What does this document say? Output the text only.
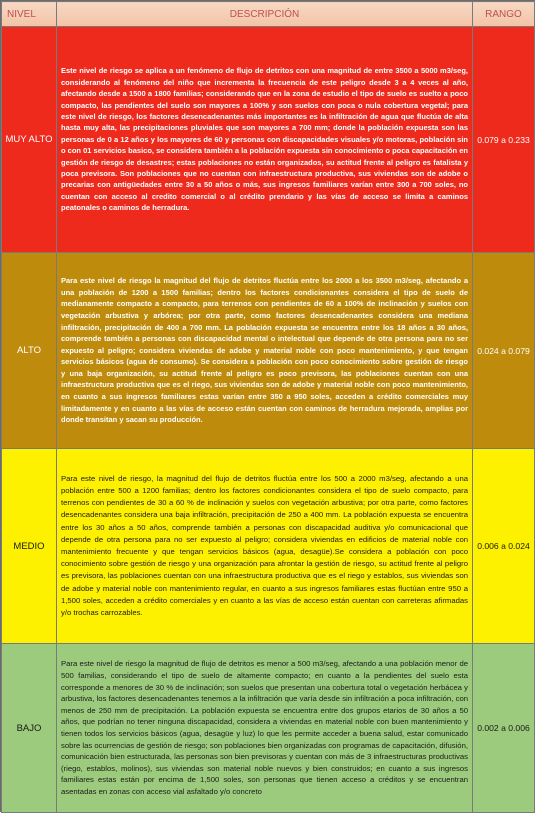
NIVEL	DESCRIPCIÓN	RANGO
MUY ALTO	Este nivel de riesgo se aplica a un fenómeno de flujo de detritos con una magnitud de entre 3500 a 5000 m3/seg, considerando al fenómeno del niño que incrementa la frecuencia de este peligro desde 3 a 4 veces al año, afectando desde a 1500 a 1800 familias; considerando que en la zona de estudio el tipo de suelo es suelto a poco compacto, las pendientes del suelo son mayores a 100% y son suelos con poca o nula cobertura vegetal; para este nivel de riesgo, los factores desencadenantes más importantes es la infiltración de agua que fluctúa de alta hasta muy alta, las precipitaciones pluviales que son mayores a 700 mm; donde la población expuesta son las personas de 0 a 12 años y los mayores de 60 y personas con discapacidades visuales y/o motoras, población sin o con 01 servicios basico, se considera también a la población expuesta sin conocimiento o poca capacitación en gestión de riesgo de desastres; estas poblaciones no están organizados, su actitud frente al peligro es fatalista y poca previsora. Son poblaciones que no cuentan con infraestructura productiva, sus viviendas son de adobe o precarias con antigüedades entre 30 a 50 años o más, sus ingresos familiares varían entre 300 a 700 soles, no cuentan con acceso al credito comercial o al crédito prendario y las vías de acceso se limita a caminos peatonales o caminos de herradura.	0.079 a 0.233
ALTO	Para este nivel de riesgo la magnitud del flujo de detritos fluctúa entre los 2000 a los 3500 m3/seg, afectando a una población de 1200 a 1500 familias; dentro los factores condicionantes considera el tipo de suelo de medianamente compacto a compacto, para terrenos con pendientes de 60 a 100% de inclinación y suelos con vegetación arbustiva y arbórea; por otra parte, como factores desencadenantes considera una mediana infiltración, precipitación de 400 a 700 mm. La población expuesta se encuentra entre los 18 años a 30 años, comprende también a personas con discapacidad mental o intelectual que depende de otra persona para no ser expuesto al peligro; considera viviendas de adobe y material noble con poco mantenimiento, y que tengan servicios básicos (agua de consumo). Se considera a población con poco conocimiento sobre gestión de riesgo y una baja organización, su actitud frente al peligro es poco previsora, las poblaciones cuentan con una infraestructura productiva que es el riego, sus viviendas son de adobe y material noble con poco mantenimiento, en cuanto a sus ingresos familiares estas varían entre 350 a 950 soles, acceden a crédito comerciales muy limitadamente y en cuanto a las vías de acceso están cuentan con caminos de herradura mejorada, amplias por donde transitan y sacan su producción.	0.024 a 0.079
MEDIO	Para este nivel de riesgo, la magnitud del flujo de detritos fluctúa entre los 500 a 2000 m3/seg, afectando a una población entre 500 a 1200 familias; dentro los factores condicionantes considera el tipo de suelo compacto, para terrenos con pendientes de 30 a 60 % de inclinación y suelos con vegetación arbustiva; por otra parte, como factores desencadenantes considera una baja infiltración, precipitación de 250 a 400 mm. La población expuesta se encuentra entre los 30 años a 50 años, comprende también a personas con discapacidad auditiva y/o comunicacional que depende de otra persona para no ser expuesto al peligro; considera viviendas en edificios de material noble con mantenimiento frecuente y que tengan servicios básicos (agua, desagüe).Se considera a población con poco conocimiento sobre gestión de riesgo y una organización para afrontar la gestión de riesgo, su actitud frente al peligro es previsora, las poblaciones cuentan con una infraestructura productiva que es el riego y establos, sus viviendas son de adobe y material noble con mantenimiento regular, en cuanto a sus ingresos familiares estas fluctúan entre 950 a 1,500 soles, acceden a crédito comerciales y en cuanto a las vías de acceso están cuentan con carreteras afirmadas y/o trochas carrozables.	0.006 a 0.024
BAJO	Para este nivel de riesgo la magnitud de flujo de detritos es menor a 500 m3/seg, afectando a una población menor de 500 familias, considerando el tipo de suelo de altamente compacto; en cuanto a la pendientes del suelo esta corresponde a menores de 30 % de inclinación; son suelos que presentan una cobertura total o vegetación herbácea y arbustiva, los factores desencadenantes tenemos a la infiltración que varía desde sin infiltración a poca infiltración, con menos de 250 mm de precipitación. La población expuesta se encuentra entre dos grupos etarios de 30 años a 50 años, que podrían no tener ninguna discapacidad, considera a viviendas en material noble con buen mantenimiento y tienen todos los servicios básicos (agua, desagüe y luz) lo que les permite acceder a buena salud, estar comunicado sobre las ocurrencias de gestión de riesgo; son poblaciones bien organizadas con programas de capacitación, difusión, comunicación bien estructurada, las personas son bien previsoras y cuentan con más de 3 infraestructuras productivas (riego, establos, molinos), sus viviendas son material noble nuevos y bien construidos; en cuanto a sus ingresos familiares estas están por encima de 1,500 soles, son personas que tienen acceso a créditos y se encuentran asentadas en zonas con acceso vial asfaltado y/o concreto	0.002 a 0.006
